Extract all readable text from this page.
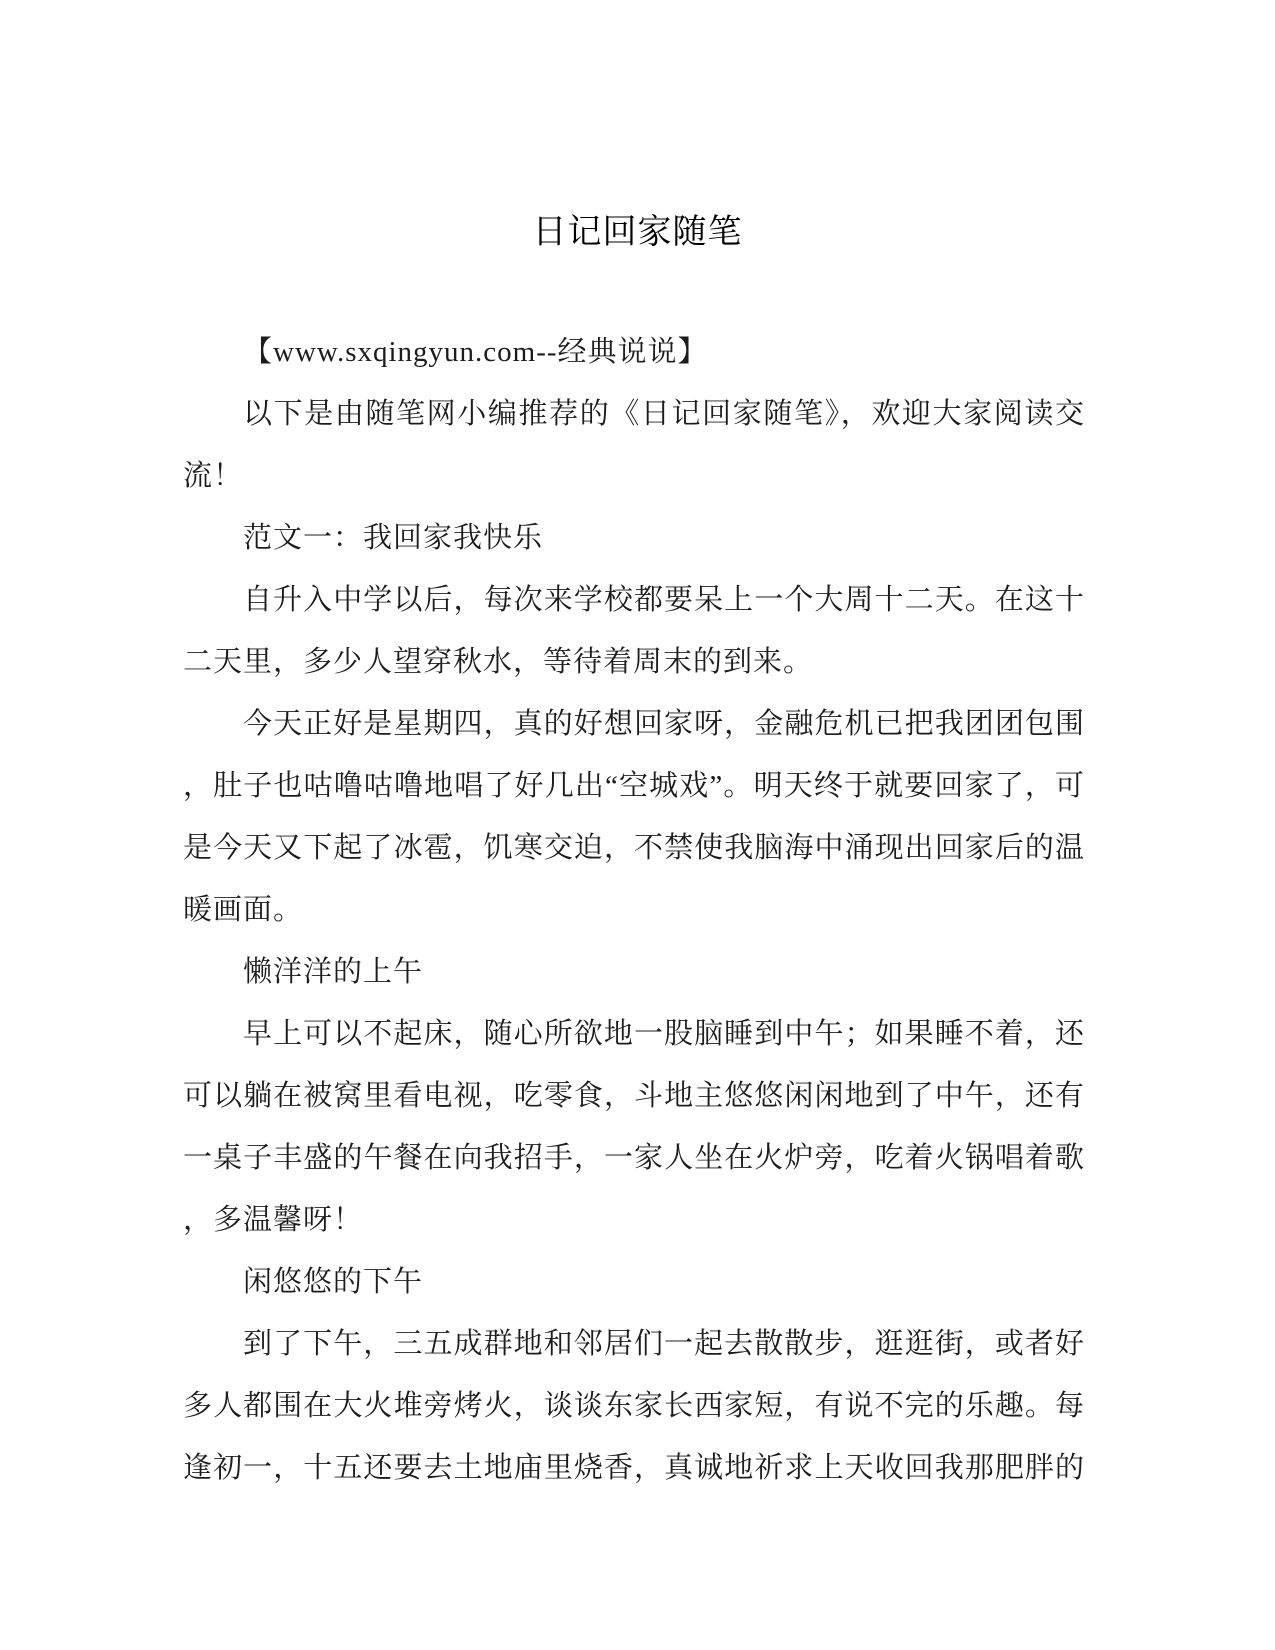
日记回家随笔
【www.sxqingyun.com--经典说说】
以下是由随笔网小编推荐的《日记回家随笔》，欢迎大家阅读交
流！
范文一：我回家我快乐
自升入中学以后，每次来学校都要呆上一个大周十二天。在这十
二天里，多少人望穿秋水，等待着周末的到来。
今天正好是星期四，真的好想回家呀，金融危机已把我团团包围
，肚子也咕噜咕噜地唱了好几出“空城戏”。明天终于就要回家了，可
是今天又下起了冰雹，饥寒交迫，不禁使我脑海中涌现出回家后的温
暖画面。
懒洋洋的上午
早上可以不起床，随心所欲地一股脑睡到中午；如果睡不着，还
可以躺在被窝里看电视，吃零食，斗地主悠悠闲闲地到了中午，还有
一桌子丰盛的午餐在向我招手，一家人坐在火炉旁，吃着火锅唱着歌
，多温馨呀！
闲悠悠的下午
到了下午，三五成群地和邻居们一起去散散步，逛逛街，或者好
多人都围在大火堆旁烤火，谈谈东家长西家短，有说不完的乐趣。每
逢初一，十五还要去土地庙里烧香，真诚地祈求上天收回我那肥胖的
